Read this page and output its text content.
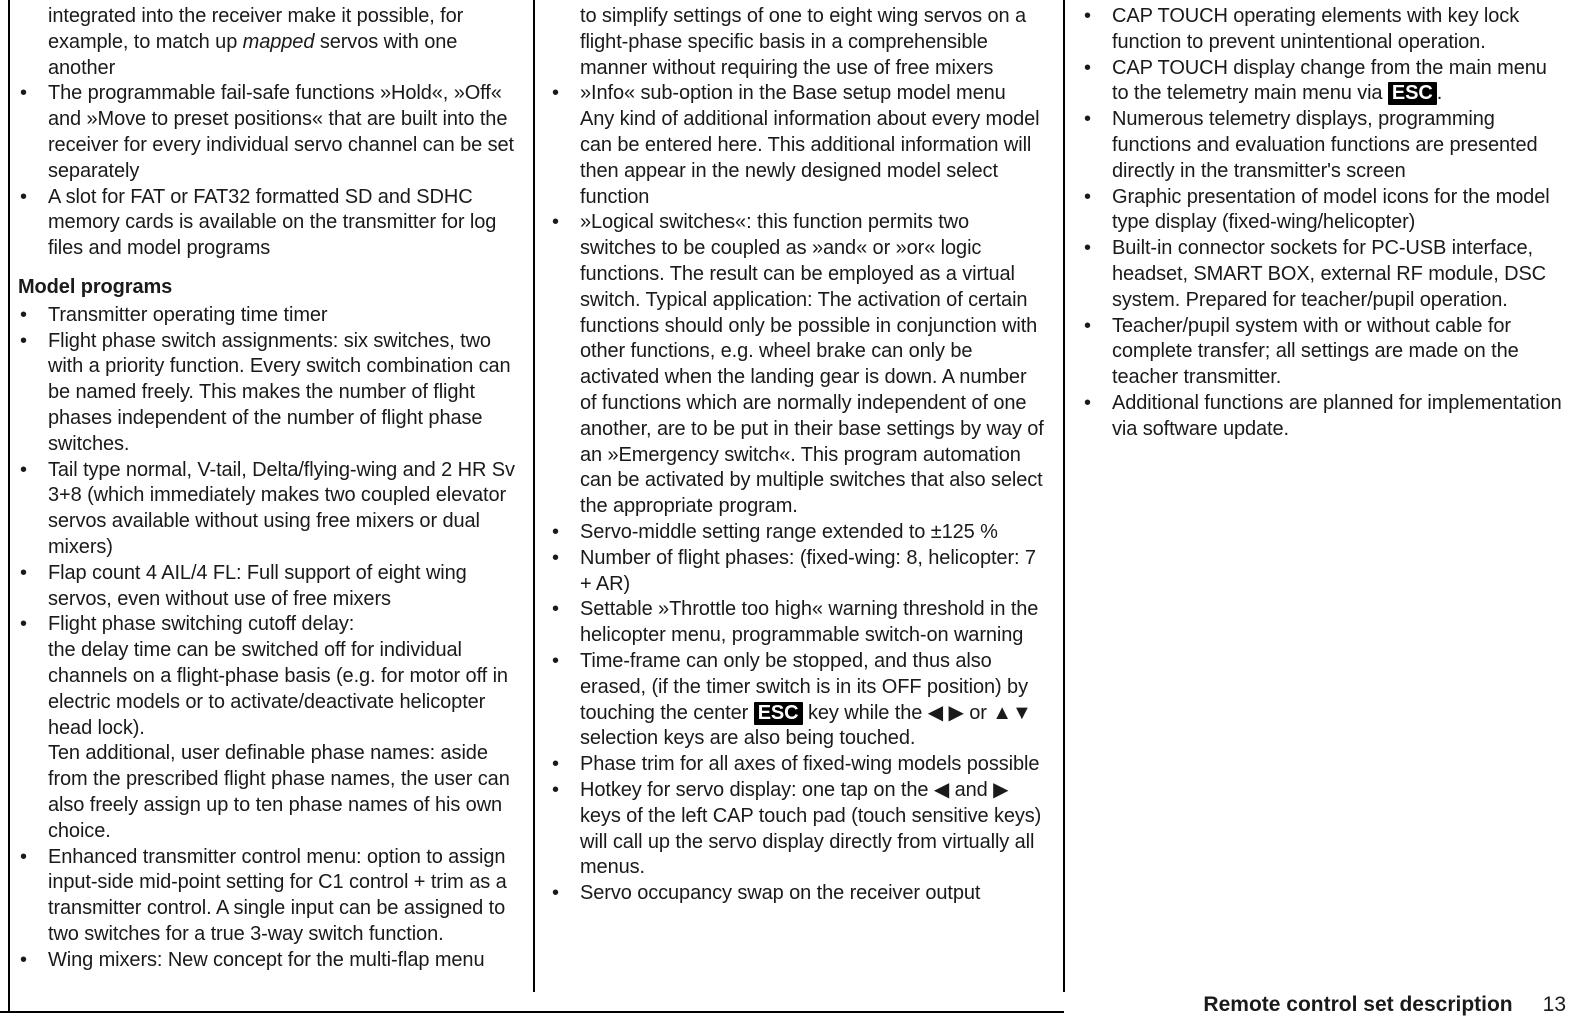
integrated into the receiver make it possible, for example, to match up mapped servos with one another
• The programmable fail-safe functions »Hold«, »Off« and »Move to preset positions« that are built into the receiver for every individual servo channel can be set separately
• A slot for FAT or FAT32 formatted SD and SDHC memory cards is available on the transmitter for log files and model programs
Model programs
• Transmitter operating time timer
• Flight phase switch assignments: six switches, two with a priority function. Every switch combination can be named freely. This makes the number of flight phases independent of the number of flight phase switches.
• Tail type normal, V-tail, Delta/flying-wing and 2 HR Sv 3+8 (which immediately makes two coupled elevator servos available without using free mixers or dual mixers)
• Flap count 4 AIL/4 FL: Full support of eight wing servos, even without use of free mixers
• Flight phase switching cutoff delay:
the delay time can be switched off for individual channels on a flight-phase basis (e.g. for motor off in electric models or to activate/deactivate helicopter head lock).
Ten additional, user definable phase names: aside from the prescribed flight phase names, the user can also freely assign up to ten phase names of his own choice.
• Enhanced transmitter control menu: option to assign input-side mid-point setting for C1 control + trim as a transmitter control. A single input can be assigned to two switches for a true 3-way switch function.
• Wing mixers: New concept for the multi-flap menu
to simplify settings of one to eight wing servos on a flight-phase specific basis in a comprehensible manner without requiring the use of free mixers
• »Info« sub-option in the Base setup model menu
Any kind of additional information about every model can be entered here. This additional information will then appear in the newly designed model select function
• »Logical switches«: this function permits two switches to be coupled as »and« or »or« logic functions. The result can be employed as a virtual switch. Typical application: The activation of certain functions should only be possible in conjunction with other functions, e.g. wheel brake can only be activated when the landing gear is down. A number of functions which are normally independent of one another, are to be put in their base settings by way of an »Emergency switch«. This program automation can be activated by multiple switches that also select the appropriate program.
• Servo-middle setting range extended to ±125 %
• Number of flight phases: (fixed-wing: 8, helicopter: 7 + AR)
• Settable »Throttle too high« warning threshold in the helicopter menu, programmable switch-on warning
• Time-frame can only be stopped, and thus also erased, (if the timer switch is in its OFF position) by touching the center ESC key while the ◀ ▶ or ▲▼ selection keys are also being touched.
• Phase trim for all axes of fixed-wing models possible
• Hotkey for servo display: one tap on the ◀ and ▶ keys of the left CAP touch pad (touch sensitive keys) will call up the servo display directly from virtually all menus.
• Servo occupancy swap on the receiver output
• CAP TOUCH operating elements with key lock function to prevent unintentional operation.
• CAP TOUCH display change from the main menu to the telemetry main menu via ESC .
• Numerous telemetry displays, programming functions and evaluation functions are presented directly in the transmitter's screen
• Graphic presentation of model icons for the model type display (fixed-wing/helicopter)
• Built-in connector sockets for PC-USB interface, headset, SMART BOX, external RF module, DSC system. Prepared for teacher/pupil operation.
• Teacher/pupil system with or without cable for complete transfer; all settings are made on the teacher transmitter.
• Additional functions are planned for implementation via software update.
Remote control set description 13
